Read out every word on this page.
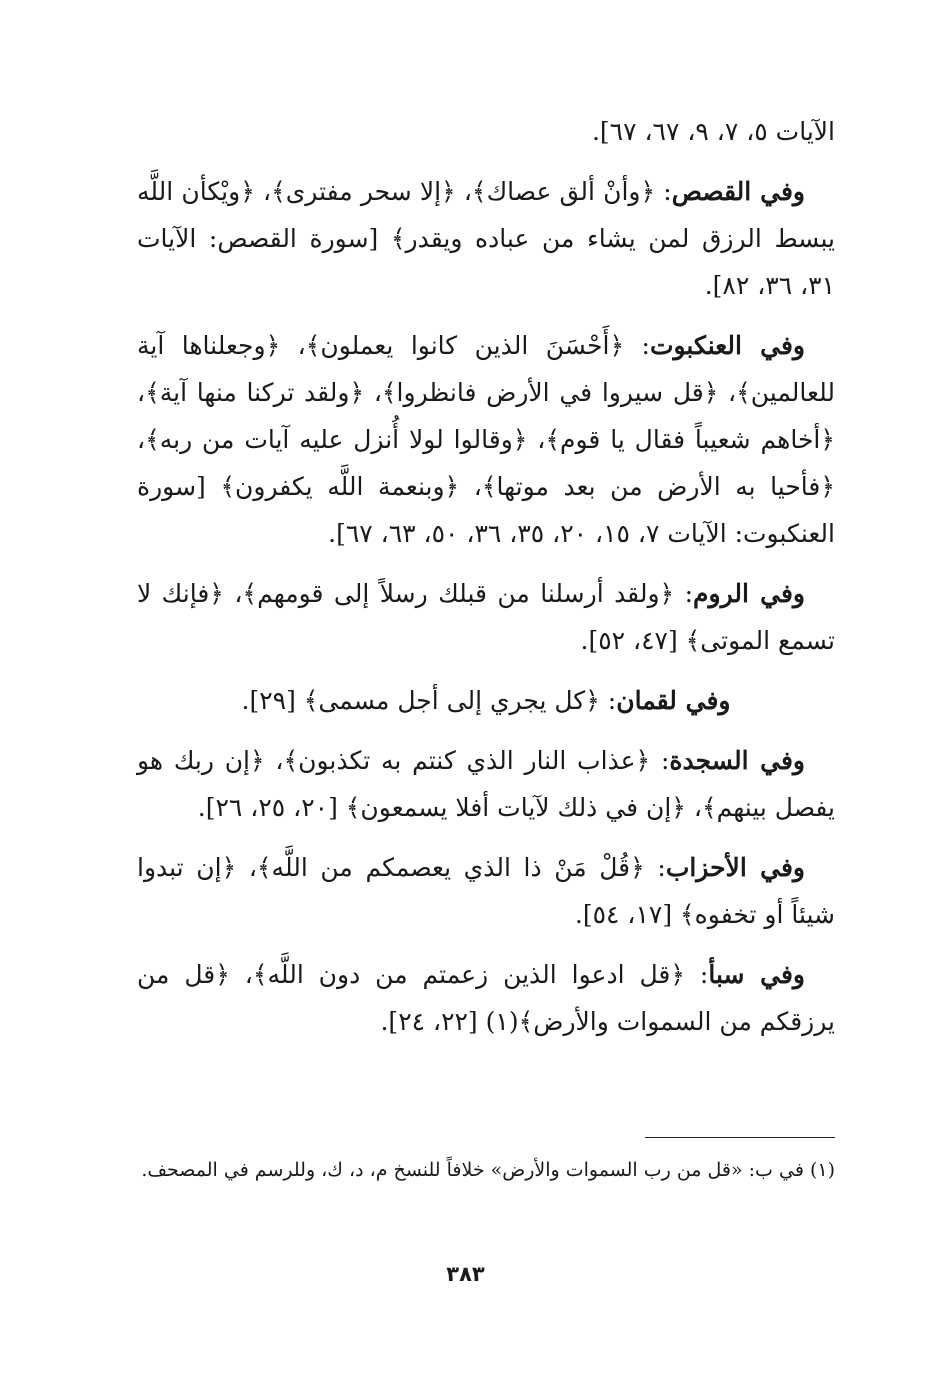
الآيات ٥، ٧، ٩، ٦٧، ٦٧].

وفي القصص: ﴿وأنْ ألق عصاك﴾، ﴿إلا سحر مفترى﴾، ﴿ويْكأن اللَّه يبسط الرزق لمن يشاء من عباده ويقدر﴾ [سورة القصص: الآيات ٣١، ٣٦، ٨٢].

وفي العنكبوت: ﴿أَحْسَنَ الذين كانوا يعملون﴾، ﴿وجعلناها آية للعالمين﴾، ﴿قل سيروا في الأرض فانظروا﴾، ﴿ولقد تركنا منها آية﴾، ﴿أخاهم شعيباً فقال يا قوم﴾، ﴿وقالوا لولا أُنزل عليه آيات من ربه﴾، ﴿فأحيا به الأرض من بعد موتها﴾، ﴿وبنعمة اللَّه يكفرون﴾ [سورة العنكبوت: الآيات ٧، ١٥، ٢٠، ٣٥، ٣٦، ٥٠، ٦٣، ٦٧].

وفي الروم: ﴿ولقد أرسلنا من قبلك رسلاً إلى قومهم﴾، ﴿فإنك لا تسمع الموتى﴾ [٤٧، ٥٢].

وفي لقمان: ﴿كل يجري إلى أجل مسمى﴾ [٢٩].

وفي السجدة: ﴿عذاب النار الذي كنتم به تكذبون﴾، ﴿إن ربك هو يفصل بينهم﴾، ﴿إن في ذلك لآيات أفلا يسمعون﴾ [٢٠، ٢٥، ٢٦].

وفي الأحزاب: ﴿قُلْ مَنْ ذا الذي يعصمكم من اللَّه﴾، ﴿إن تبدوا شيئاً أو تخفوه﴾ [١٧، ٥٤].

وفي سبأ: ﴿قل ادعوا الذين زعمتم من دون اللَّه﴾، ﴿قل من يرزقكم من السموات والأرض﴾(١) [٢٢، ٢٤].

(١) في ب: «قل من رب السموات والأرض» خلافاً للنسخ م، د، ك، وللرسم في المصحف.
٣٨٣
